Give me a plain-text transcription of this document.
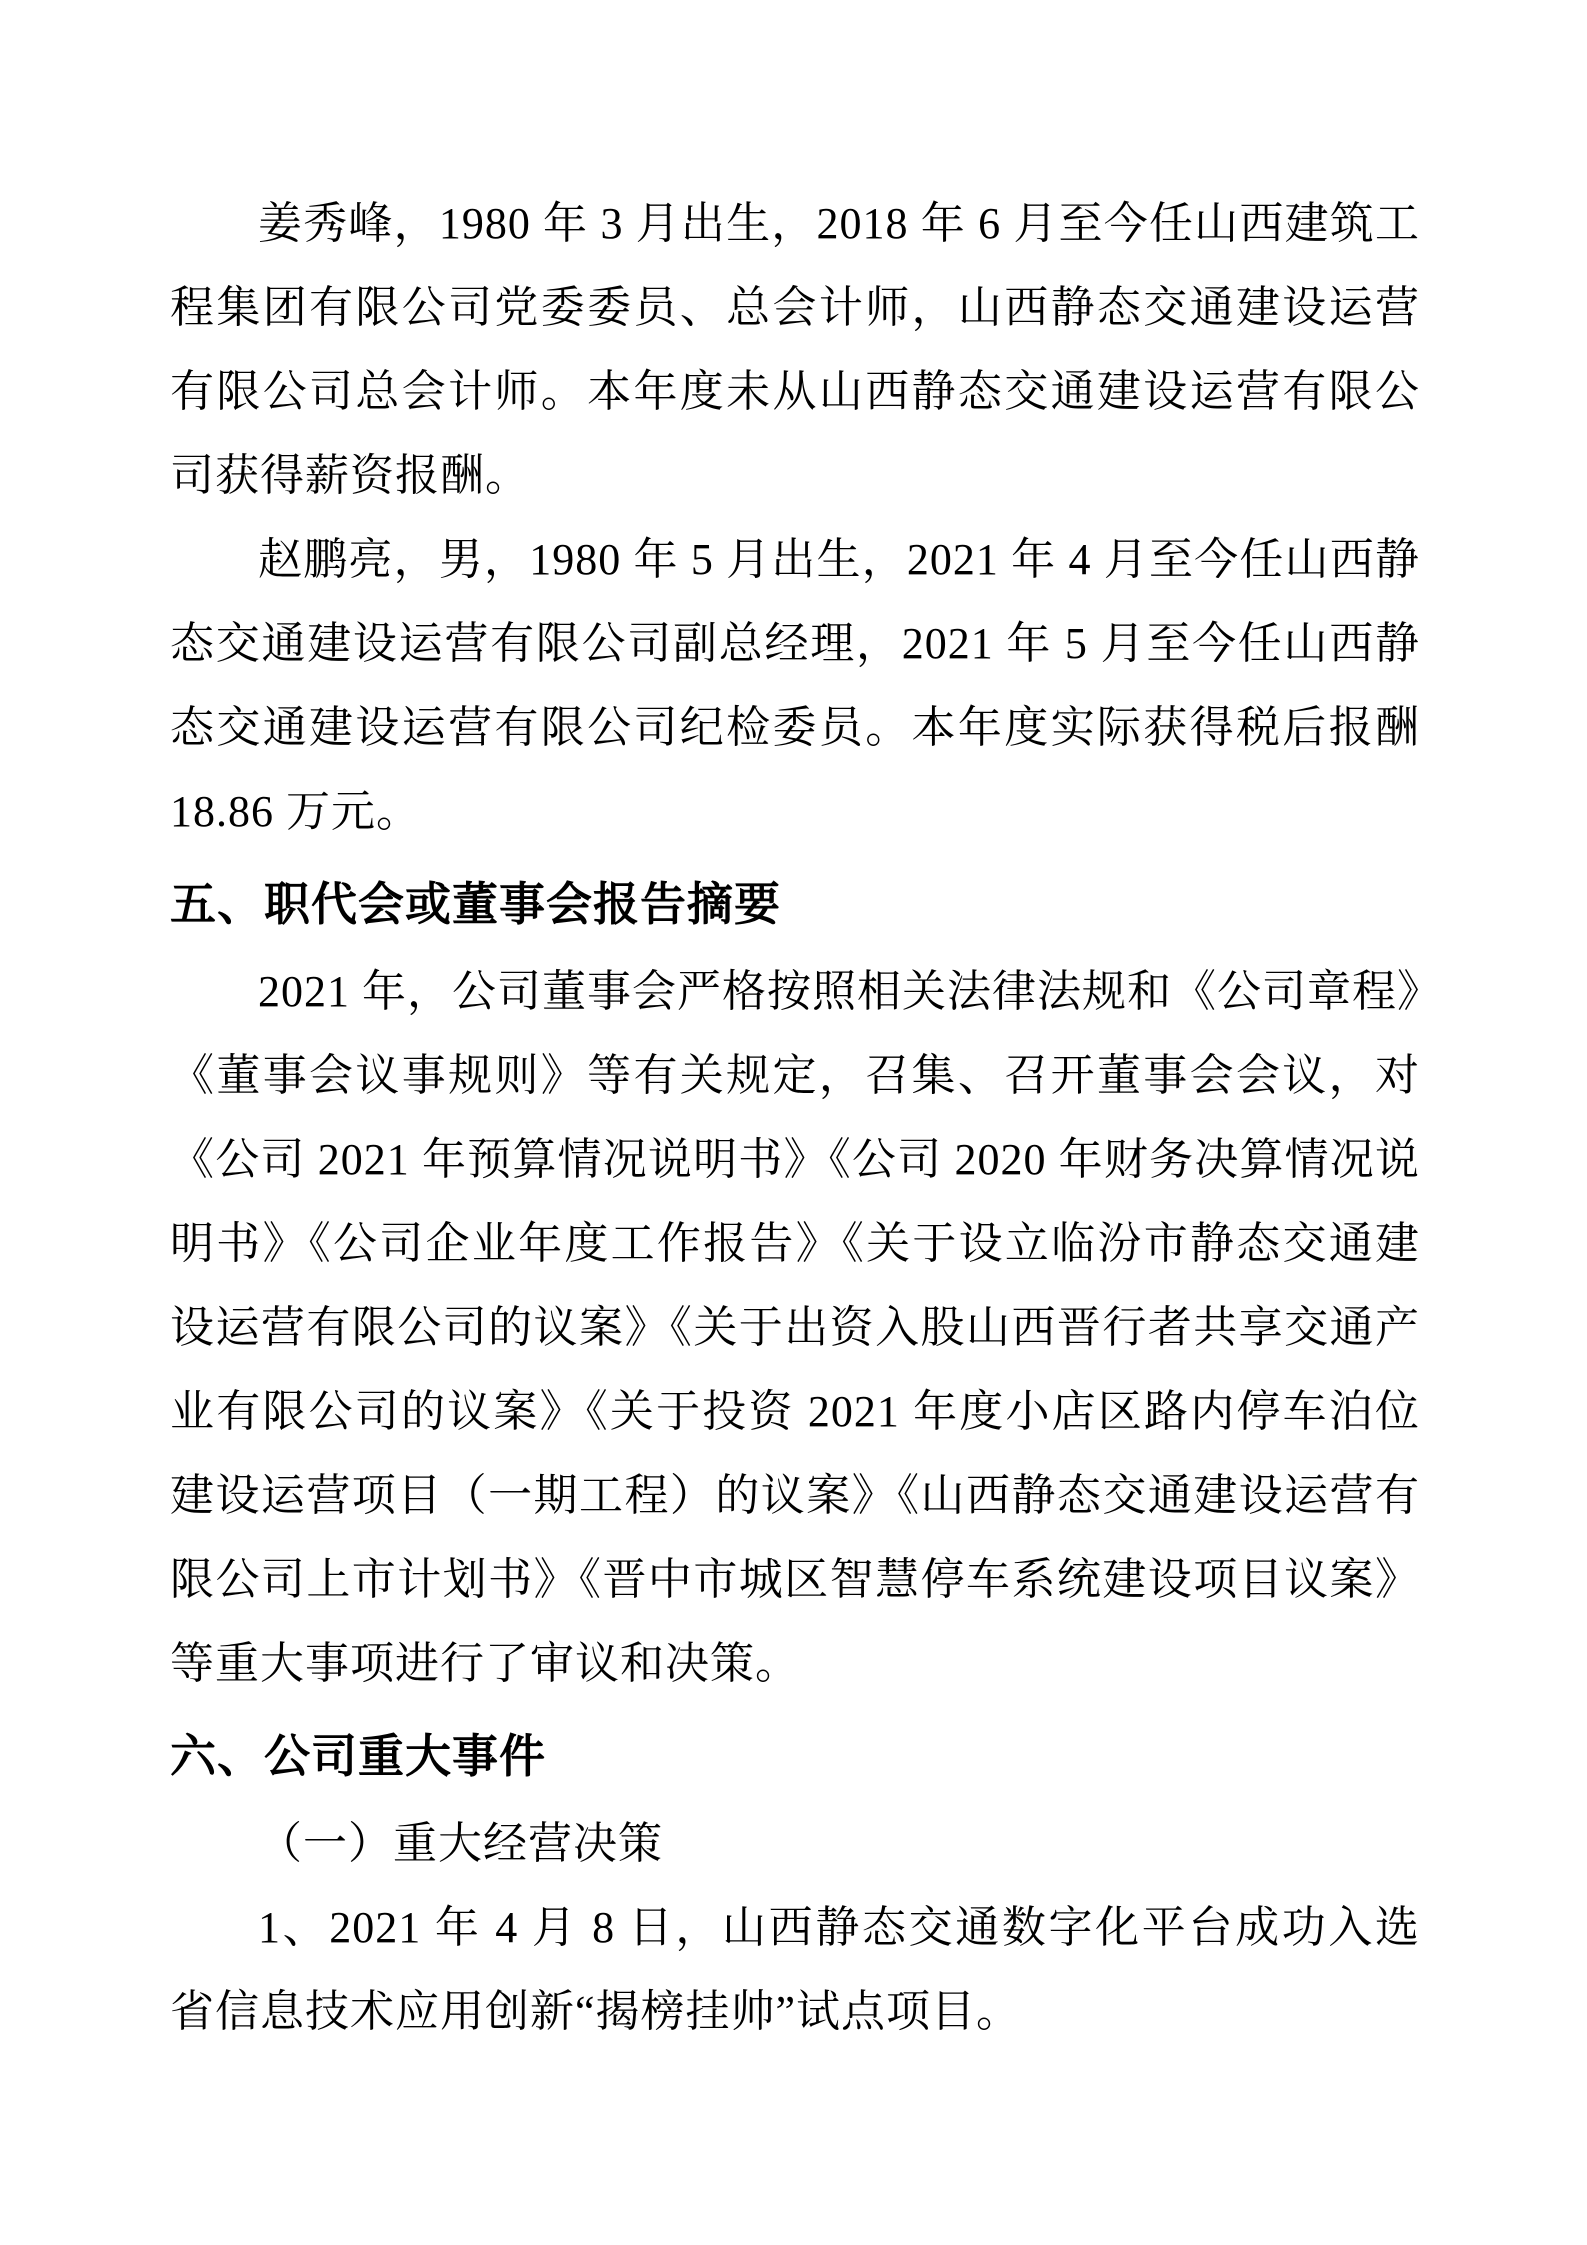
姜秀峰，1980 年 3 月出生，2018 年 6 月至今任山西建筑工程集团有限公司党委委员、总会计师，山西静态交通建设运营有限公司总会计师。本年度未从山西静态交通建设运营有限公司获得薪资报酬。

赵鹏亮，男，1980 年 5 月出生，2021 年 4 月至今任山西静态交通建设运营有限公司副总经理，2021 年 5 月至今任山西静态交通建设运营有限公司纪检委员。本年度实际获得税后报酬 18.86 万元。

五、职代会或董事会报告摘要

2021 年，公司董事会严格按照相关法律法规和《公司章程》《董事会议事规则》等有关规定，召集、召开董事会会议，对《公司 2021 年预算情况说明书》《公司 2020 年财务决算情况说明书》《公司企业年度工作报告》《关于设立临汾市静态交通建设运营有限公司的议案》《关于出资入股山西晋行者共享交通产业有限公司的议案》《关于投资 2021 年度小店区路内停车泊位建设运营项目（一期工程）的议案》《山西静态交通建设运营有限公司上市计划书》《晋中市城区智慧停车系统建设项目议案》等重大事项进行了审议和决策。

六、公司重大事件

（一）重大经营决策

1、2021 年 4 月 8 日，山西静态交通数字化平台成功入选省信息技术应用创新“揭榜挂帅”试点项目。
